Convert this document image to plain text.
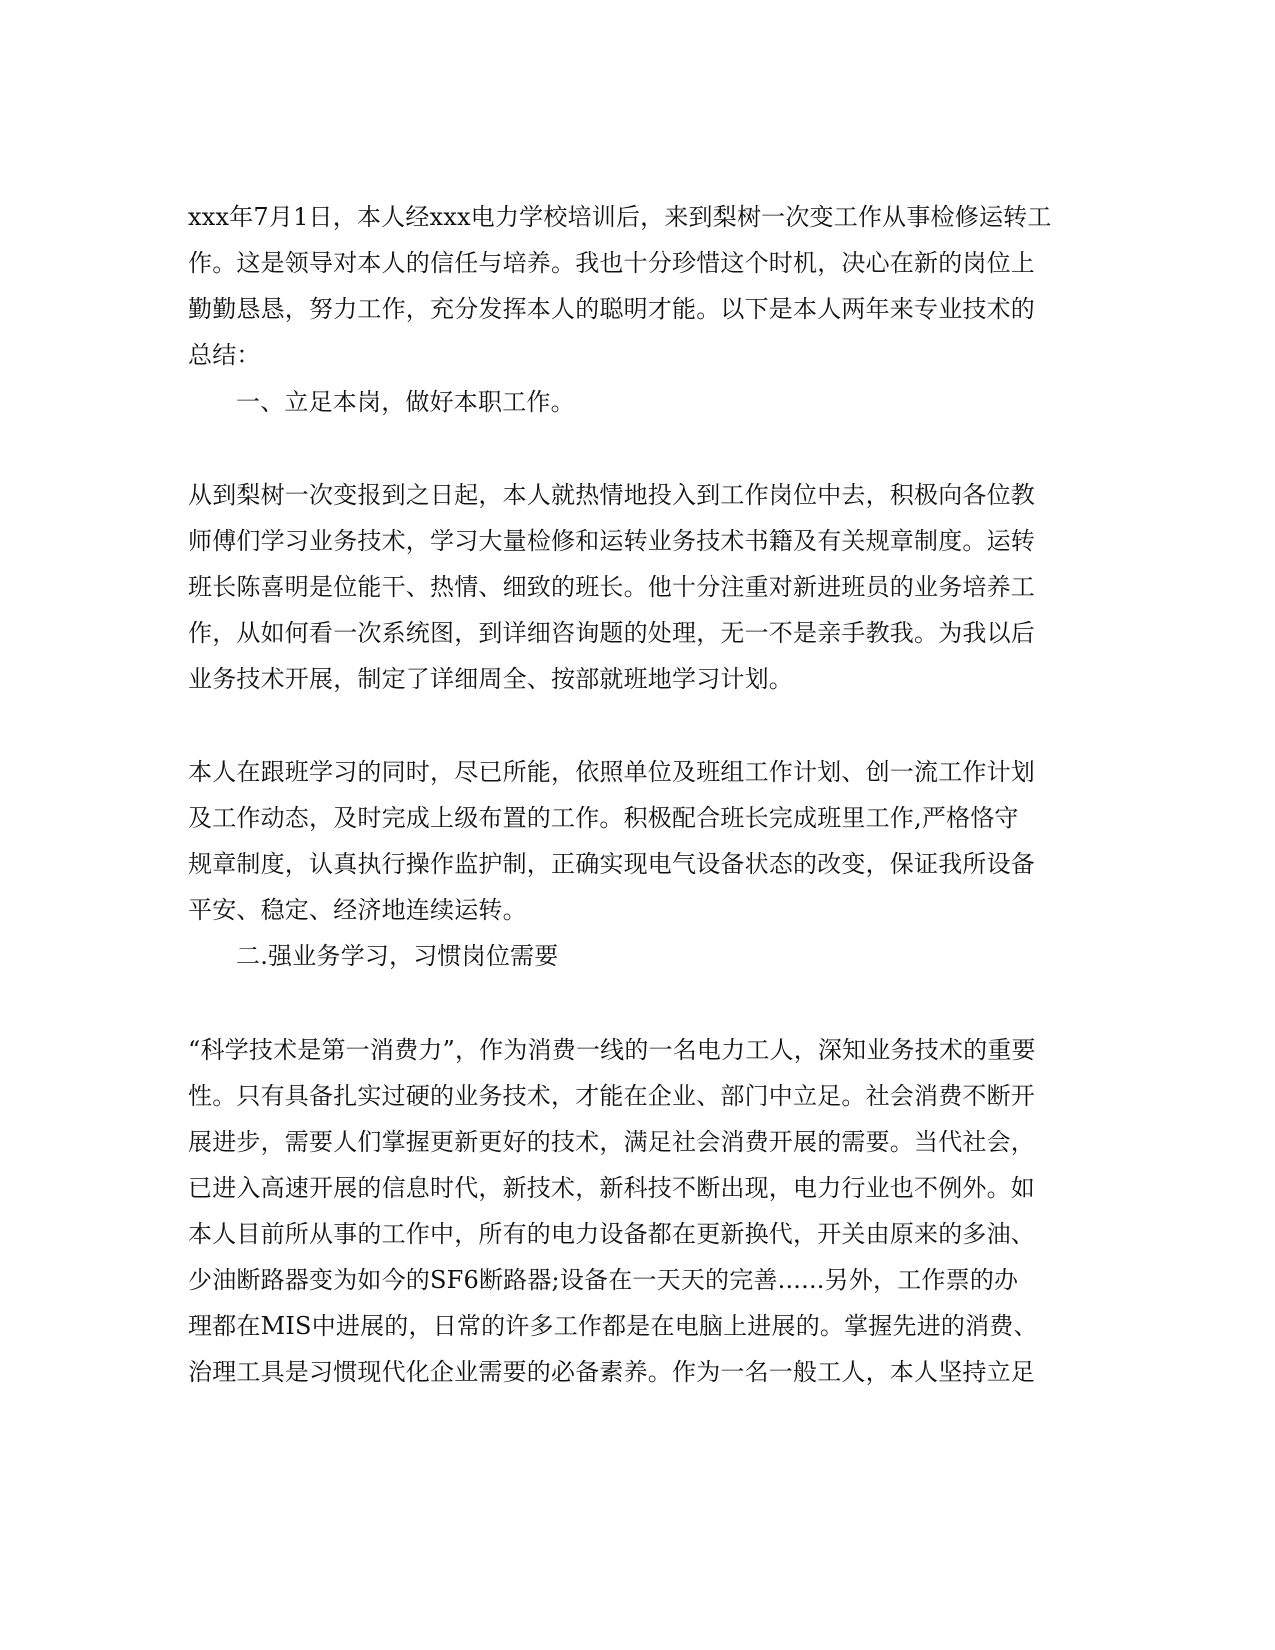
xxx年7月1日，本人经xxx电力学校培训后，来到梨树一次变工作从事检修运转工
作。这是领导对本人的信任与培养。我也十分珍惜这个时机，决心在新的岗位上
勤勤恳恳，努力工作，充分发挥本人的聪明才能。以下是本人两年来专业技术的
总结：
一、立足本岗，做好本职工作。
从到梨树一次变报到之日起，本人就热情地投入到工作岗位中去，积极向各位教
师傅们学习业务技术，学习大量检修和运转业务技术书籍及有关规章制度。运转
班长陈喜明是位能干、热情、细致的班长。他十分注重对新进班员的业务培养工
作，从如何看一次系统图，到详细咨询题的处理，无一不是亲手教我。为我以后
业务技术开展，制定了详细周全、按部就班地学习计划。
本人在跟班学习的同时，尽已所能，依照单位及班组工作计划、创一流工作计划
及工作动态，及时完成上级布置的工作。积极配合班长完成班里工作,严格恪守
规章制度，认真执行操作监护制，正确实现电气设备状态的改变，保证我所设备
平安、稳定、经济地连续运转。
二.强业务学习，习惯岗位需要
“科学技术是第一消费力”，作为消费一线的一名电力工人，深知业务技术的重要
性。只有具备扎实过硬的业务技术，才能在企业、部门中立足。社会消费不断开
展进步，需要人们掌握更新更好的技术，满足社会消费开展的需要。当代社会，
已进入高速开展的信息时代，新技术，新科技不断出现，电力行业也不例外。如
本人目前所从事的工作中，所有的电力设备都在更新换代，开关由原来的多油、
少油断路器变为如今的SF6断路器;设备在一天天的完善......另外，工作票的办
理都在MIS中进展的，日常的许多工作都是在电脑上进展的。掌握先进的消费、
治理工具是习惯现代化企业需要的必备素养。作为一名一般工人，本人坚持立足
